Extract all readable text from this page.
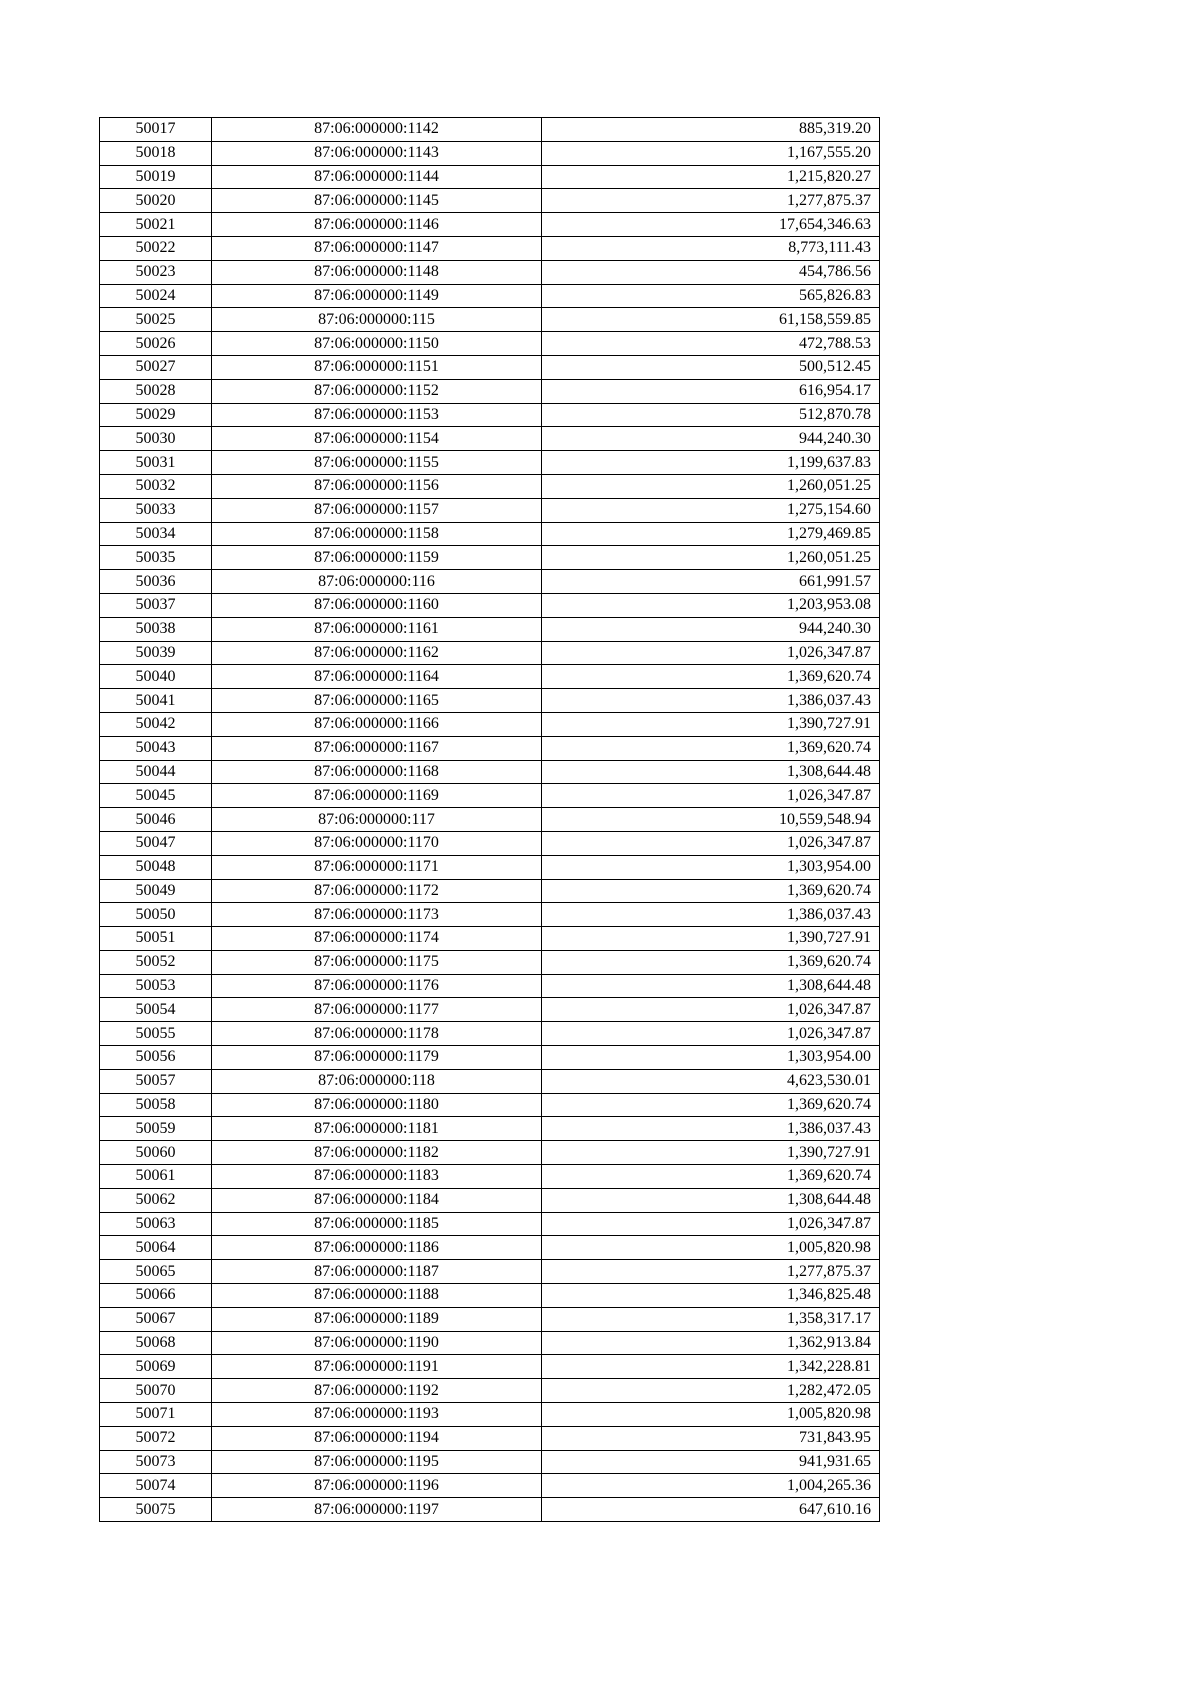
50017	87:06:000000:1142	885,319.20
50018	87:06:000000:1143	1,167,555.20
50019	87:06:000000:1144	1,215,820.27
50020	87:06:000000:1145	1,277,875.37
50021	87:06:000000:1146	17,654,346.63
50022	87:06:000000:1147	8,773,111.43
50023	87:06:000000:1148	454,786.56
50024	87:06:000000:1149	565,826.83
50025	87:06:000000:115	61,158,559.85
50026	87:06:000000:1150	472,788.53
50027	87:06:000000:1151	500,512.45
50028	87:06:000000:1152	616,954.17
50029	87:06:000000:1153	512,870.78
50030	87:06:000000:1154	944,240.30
50031	87:06:000000:1155	1,199,637.83
50032	87:06:000000:1156	1,260,051.25
50033	87:06:000000:1157	1,275,154.60
50034	87:06:000000:1158	1,279,469.85
50035	87:06:000000:1159	1,260,051.25
50036	87:06:000000:116	661,991.57
50037	87:06:000000:1160	1,203,953.08
50038	87:06:000000:1161	944,240.30
50039	87:06:000000:1162	1,026,347.87
50040	87:06:000000:1164	1,369,620.74
50041	87:06:000000:1165	1,386,037.43
50042	87:06:000000:1166	1,390,727.91
50043	87:06:000000:1167	1,369,620.74
50044	87:06:000000:1168	1,308,644.48
50045	87:06:000000:1169	1,026,347.87
50046	87:06:000000:117	10,559,548.94
50047	87:06:000000:1170	1,026,347.87
50048	87:06:000000:1171	1,303,954.00
50049	87:06:000000:1172	1,369,620.74
50050	87:06:000000:1173	1,386,037.43
50051	87:06:000000:1174	1,390,727.91
50052	87:06:000000:1175	1,369,620.74
50053	87:06:000000:1176	1,308,644.48
50054	87:06:000000:1177	1,026,347.87
50055	87:06:000000:1178	1,026,347.87
50056	87:06:000000:1179	1,303,954.00
50057	87:06:000000:118	4,623,530.01
50058	87:06:000000:1180	1,369,620.74
50059	87:06:000000:1181	1,386,037.43
50060	87:06:000000:1182	1,390,727.91
50061	87:06:000000:1183	1,369,620.74
50062	87:06:000000:1184	1,308,644.48
50063	87:06:000000:1185	1,026,347.87
50064	87:06:000000:1186	1,005,820.98
50065	87:06:000000:1187	1,277,875.37
50066	87:06:000000:1188	1,346,825.48
50067	87:06:000000:1189	1,358,317.17
50068	87:06:000000:1190	1,362,913.84
50069	87:06:000000:1191	1,342,228.81
50070	87:06:000000:1192	1,282,472.05
50071	87:06:000000:1193	1,005,820.98
50072	87:06:000000:1194	731,843.95
50073	87:06:000000:1195	941,931.65
50074	87:06:000000:1196	1,004,265.36
50075	87:06:000000:1197	647,610.16
